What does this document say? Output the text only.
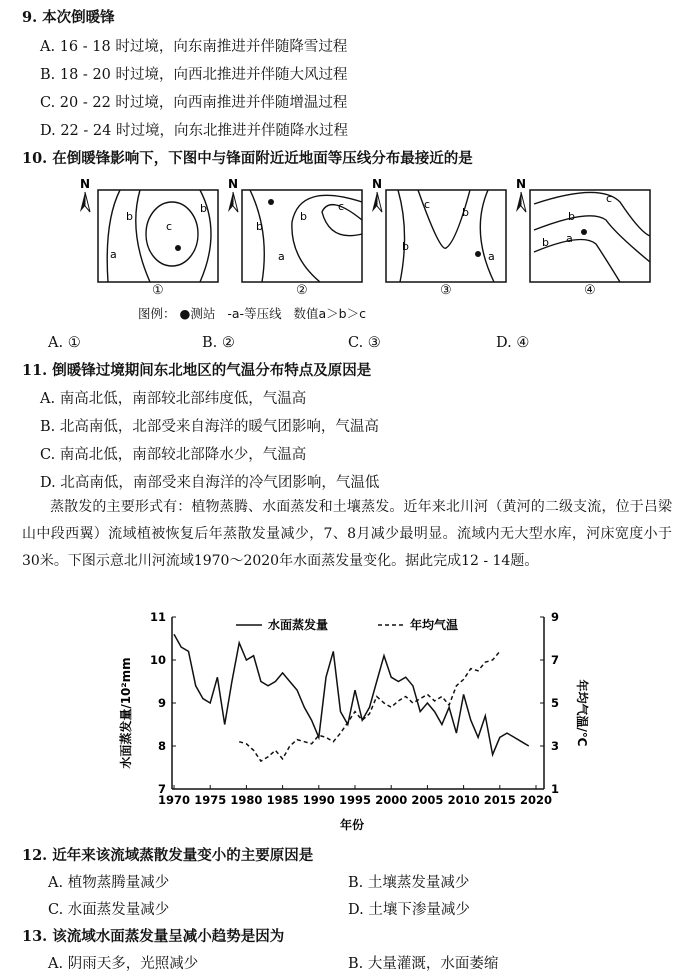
9. 本次倒暖锋
A. 16 - 18 时过境，向东南推进并伴随降雪过程
B. 18 - 20 时过境，向西北推进并伴随大风过程
C. 20 - 22 时过境，向西南推进并伴随增温过程
D. 22 - 24 时过境，向东北推进并伴随降水过程
10. 在倒暖锋影响下，下图中与锋面附近近地面等压线分布最接近的是
N	N	N	N
a
b
c
b
b
a
c
b
b
c
b
a
c
b
a
b
①	②	③	④
图例： ●测站 -a-等压线 数值a＞b＞c
A. ①	B. ②	C. ③	D. ④
11. 倒暖锋过境期间东北地区的气温分布特点及原因是
A. 南高北低，南部较北部纬度低，气温高
B. 北高南低，北部受来自海洋的暖气团影响，气温高
C. 南高北低，南部较北部降水少，气温高
D. 北高南低，南部受来自海洋的冷气团影响，气温低
蒸散发的主要形式有：植物蒸腾、水面蒸发和土壤蒸发。近年来北川河（黄河的二级支流，位于吕梁山中段西翼）流域植被恢复后年蒸散发量减少，7、8月减少最明显。流域内无大型水库，河床宽度小于30米。下图示意北川河流域1970～2020年水面蒸发量变化。据此完成12 - 14题。
1970 1975 1980 1985 1990 1995 2000 2005 2010 2015 2020
7
8
9
10
11
1
3
5
7
9
水面蒸发量/10²mm	年均气温/℃
年份
水面蒸发量	年均气温
12. 近年来该流域蒸散发量变小的主要原因是
A. 植物蒸腾量减少	B. 土壤蒸发量减少
C. 水面蒸发量减少	D. 土壤下渗量减少
13. 该流域水面蒸发量呈减小趋势是因为
A. 阴雨天多，光照减少	B. 大量灌溉，水面萎缩
